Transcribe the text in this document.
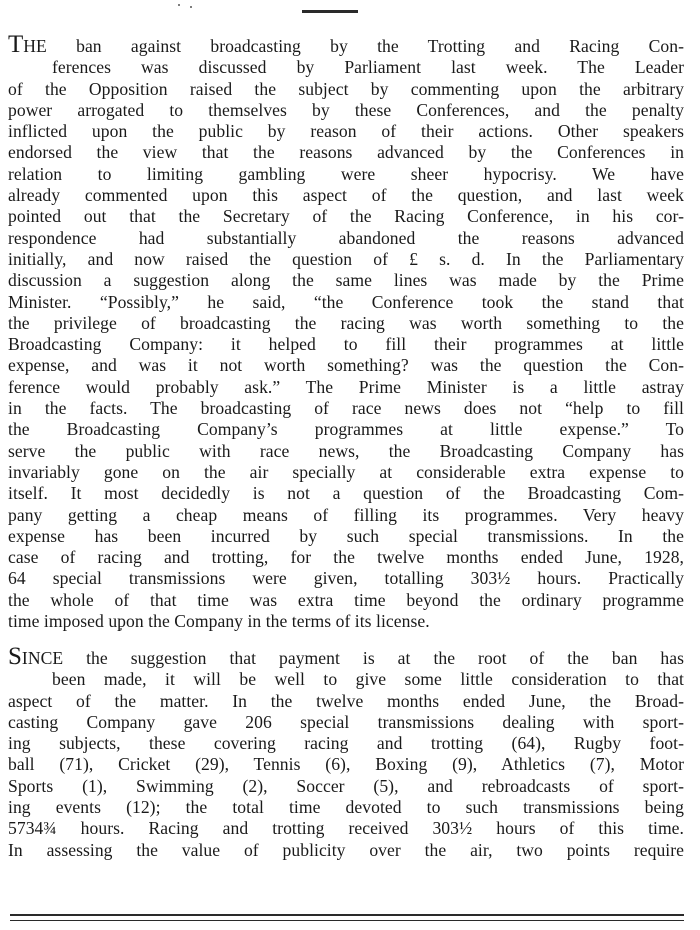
THE ban against broadcasting by the Trotting and Racing Con-
ferences was discussed by Parliament last week. The Leader
of the Opposition raised the subject by commenting upon the arbitrary
power arrogated to themselves by these Conferences, and the penalty
inflicted upon the public by reason of their actions. Other speakers
endorsed the view that the reasons advanced by the Conferences in
relation to limiting gambling were sheer hypocrisy. We have
already commented upon this aspect of the question, and last week
pointed out that the Secretary of the Racing Conference, in his cor-
respondence had substantially abandoned the reasons advanced
initially, and now raised the question of £ s. d. In the Parliamentary
discussion a suggestion along the same lines was made by the Prime
Minister. “Possibly,” he said, “the Conference took the stand that
the privilege of broadcasting the racing was worth something to the
Broadcasting Company: it helped to fill their programmes at little
expense, and was it not worth something? was the question the Con-
ference would probably ask.” The Prime Minister is a little astray
in the facts. The broadcasting of race news does not “help to fill
the Broadcasting Company’s programmes at little expense.” To
serve the public with race news, the Broadcasting Company has
invariably gone on the air specially at considerable extra expense to
itself. It most decidedly is not a question of the Broadcasting Com-
pany getting a cheap means of filling its programmes. Very heavy
expense has been incurred by such special transmissions. In the
case of racing and trotting, for the twelve months ended June, 1928,
64 special transmissions were given, totalling 303½ hours. Practically
the whole of that time was extra time beyond the ordinary programme
time imposed upon the Company in the terms of its license.
SINCE the suggestion that payment is at the root of the ban has
been made, it will be well to give some little consideration to that
aspect of the matter. In the twelve months ended June, the Broad-
casting Company gave 206 special transmissions dealing with sport-
ing subjects, these covering racing and trotting (64), Rugby foot-
ball (71), Cricket (29), Tennis (6), Boxing (9), Athletics (7), Motor
Sports (1), Swimming (2), Soccer (5), and rebroadcasts of sport-
ing events (12); the total time devoted to such transmissions being
5734¾ hours. Racing and trotting received 303½ hours of this time.
In assessing the value of publicity over the air, two points require
